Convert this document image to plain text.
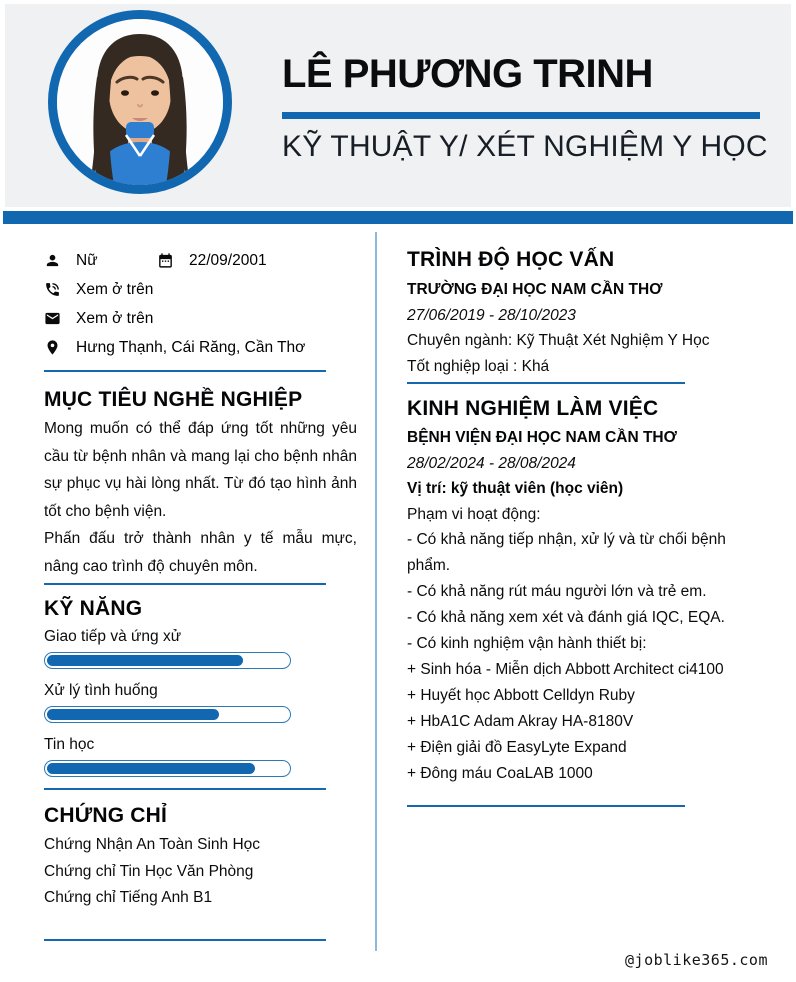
LÊ PHƯƠNG TRINH
KỸ THUẬT Y/ XÉT NGHIỆM Y HỌC
Nữ	22/09/2001
Xem ở trên
Xem ở trên
Hưng Thạnh, Cái Răng, Cần Thơ
MỤC TIÊU NGHỀ NGHIỆP

Mong muốn có thể đáp ứng tốt những yêu cầu từ bệnh nhân và mang lại cho bệnh nhân sự phục vụ hài lòng nhất. Từ đó tạo hình ảnh tốt cho bệnh viện.

Phấn đấu trở thành nhân y tế mẫu mực, nâng cao trình độ chuyên môn.

KỸ NĂNG
Giao tiếp và ứng xử
Xử lý tình huống
Tin học
CHỨNG CHỈ
Chứng Nhận An Toàn Sinh Học
Chứng chỉ Tin Học Văn Phòng
Chứng chỉ Tiếng Anh B1
TRÌNH ĐỘ HỌC VẤN
TRƯỜNG ĐẠI HỌC NAM CẦN THƠ
27/06/2019 - 28/10/2023
Chuyên ngành: Kỹ Thuật Xét Nghiệm Y Học
Tốt nghiệp loại : Khá
KINH NGHIỆM LÀM VIỆC
BỆNH VIỆN ĐẠI HỌC NAM CẦN THƠ
28/02/2024 - 28/08/2024
Vị trí: kỹ thuật viên (học viên)
Phạm vi hoạt động:
- Có khả năng tiếp nhận, xử lý và từ chối bệnh phẩm.
- Có khả năng rút máu người lớn và trẻ em.
- Có khả năng xem xét và đánh giá IQC, EQA.
- Có kinh nghiệm vận hành thiết bị:
+ Sinh hóa - Miễn dịch Abbott Architect ci4100
+ Huyết học Abbott Celldyn Ruby
+ HbA1C Adam Akray HA-8180V
+ Điện giải đồ EasyLyte Expand
+ Đông máu CoaLAB 1000
@joblike365.com
